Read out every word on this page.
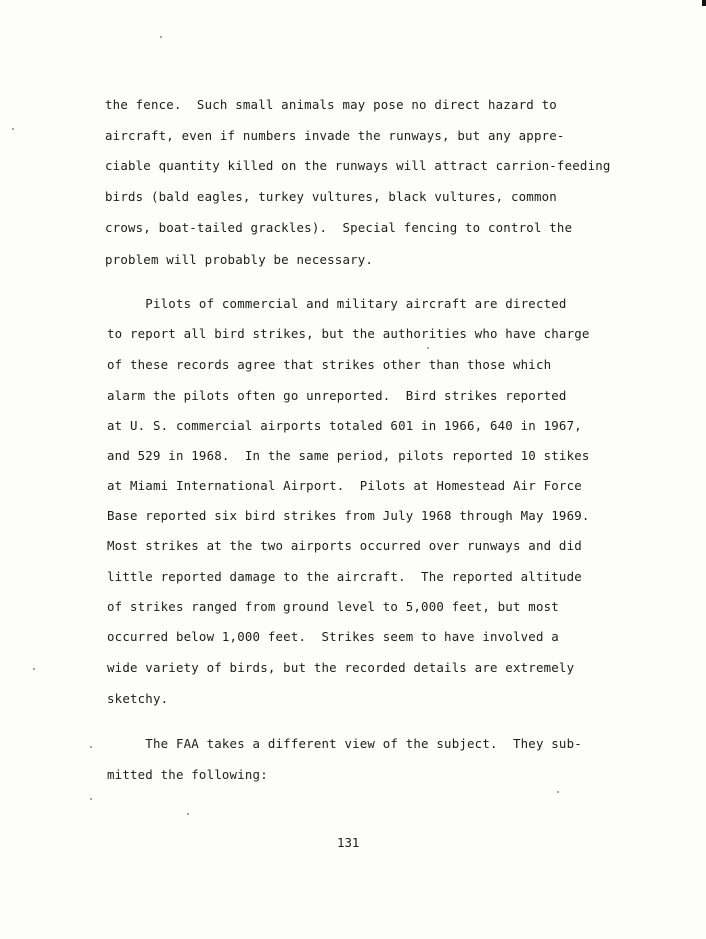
the fence.  Such small animals may pose no direct hazard to
aircraft, even if numbers invade the runways, but any appre-
ciable quantity killed on the runways will attract carrion-feeding
birds (bald eagles, turkey vultures, black vultures, common
crows, boat-tailed grackles).  Special fencing to control the
problem will probably be necessary.
Pilots of commercial and military aircraft are directed
to report all bird strikes, but the authorities who have charge
of these records agree that strikes other than those which
alarm the pilots often go unreported.  Bird strikes reported
at U. S. commercial airports totaled 601 in 1966, 640 in 1967,
and 529 in 1968.  In the same period, pilots reported 10 stikes
at Miami International Airport.  Pilots at Homestead Air Force
Base reported six bird strikes from July 1968 through May 1969.
Most strikes at the two airports occurred over runways and did
little reported damage to the aircraft.  The reported altitude
of strikes ranged from ground level to 5,000 feet, but most
occurred below 1,000 feet.  Strikes seem to have involved a
wide variety of birds, but the recorded details are extremely
sketchy.
The FAA takes a different view of the subject.  They sub-
mitted the following:
131
